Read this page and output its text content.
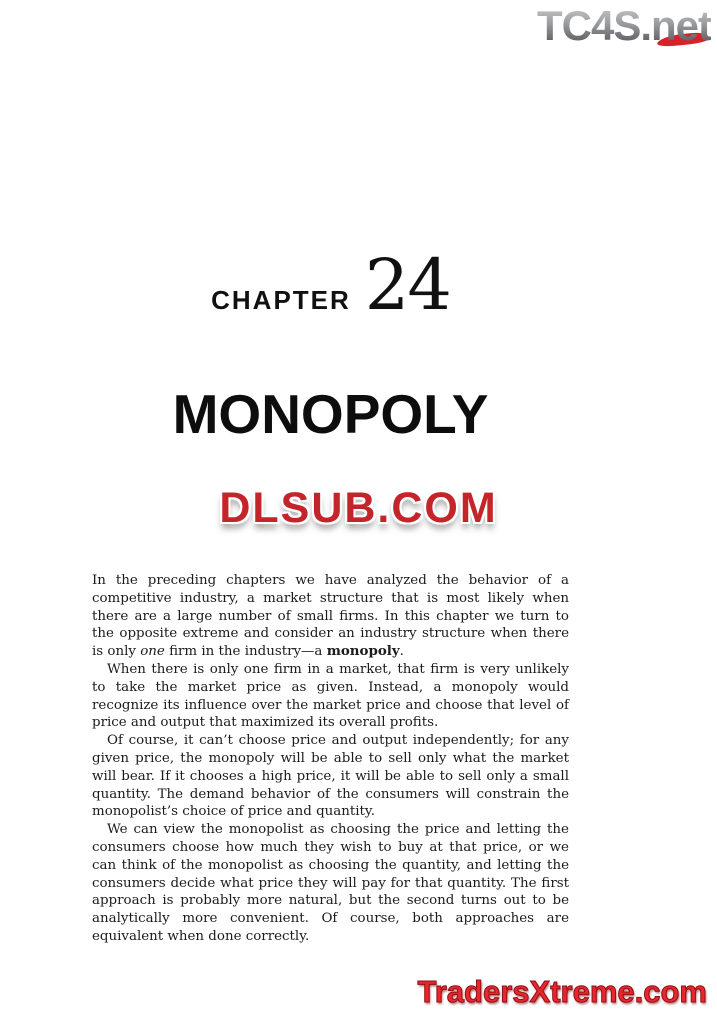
TC4S.net
CHAPTER 24
MONOPOLY
DLSUB.COM

In the preceding chapters we have analyzed the behavior of a competitive industry, a market structure that is most likely when there are a large number of small firms. In this chapter we turn to the opposite extreme and consider an industry structure when there is only one firm in the industry—a monopoly.

When there is only one firm in a market, that firm is very unlikely to take the market price as given. Instead, a monopoly would recognize its influence over the market price and choose that level of price and output that maximized its overall profits.

Of course, it can’t choose price and output independently; for any given price, the monopoly will be able to sell only what the market will bear. If it chooses a high price, it will be able to sell only a small quantity. The demand behavior of the consumers will constrain the monopolist’s choice of price and quantity.

We can view the monopolist as choosing the price and letting the consumers choose how much they wish to buy at that price, or we can think of the monopolist as choosing the quantity, and letting the consumers decide what price they will pay for that quantity. The first approach is probably more natural, but the second turns out to be analytically more convenient. Of course, both approaches are equivalent when done correctly.

TradersXtreme.com
